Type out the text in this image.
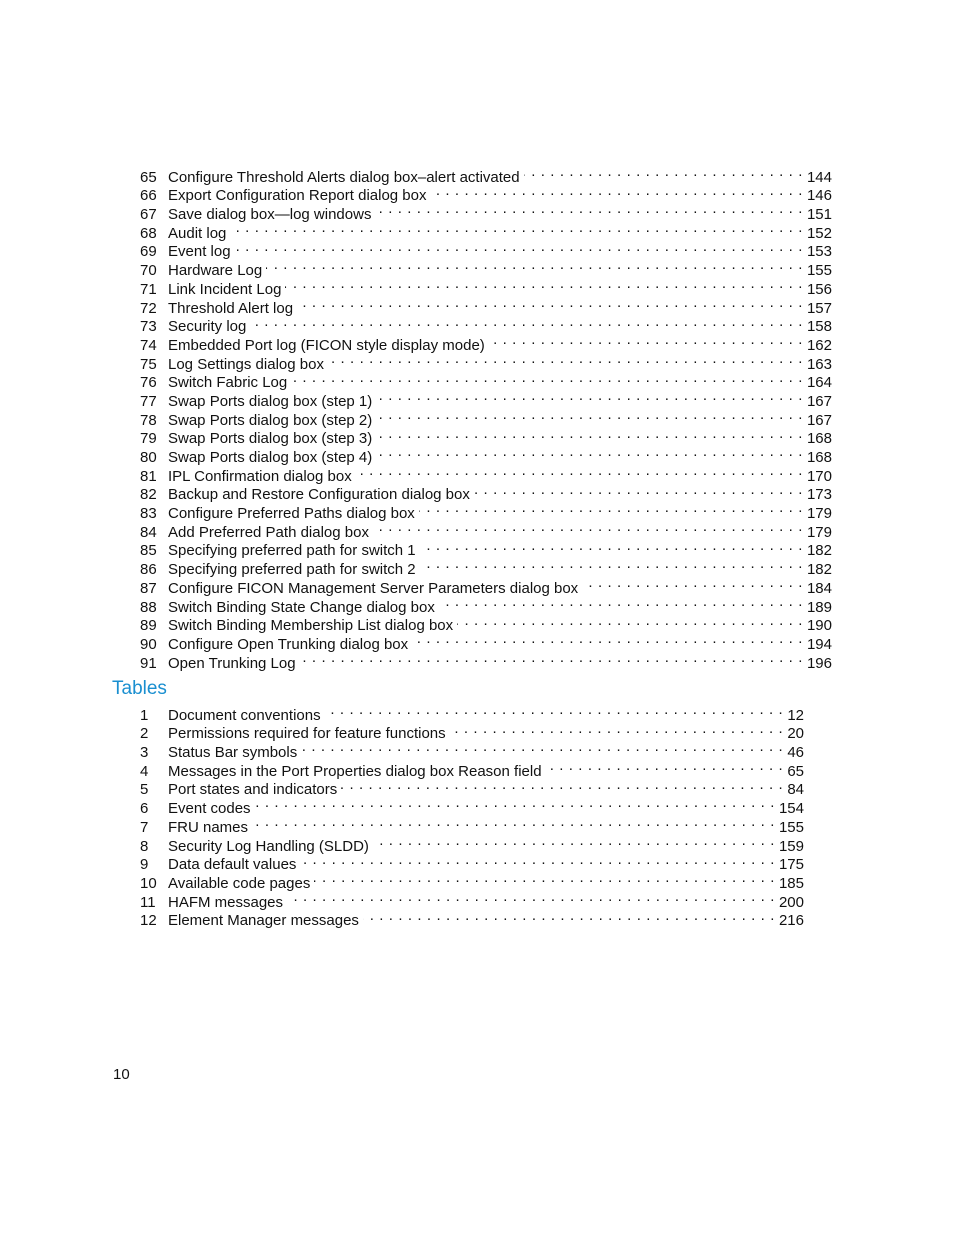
65 Configure Threshold Alerts dialog box–alert activated . . .	144
66 Export Configuration Report dialog box . . .	146
67 Save dialog box—log windows . . .	151
68 Audit log . . .	152
69 Event log . . .	153
70 Hardware Log . . .	155
71 Link Incident Log . . .	156
72 Threshold Alert log . . .	157
73 Security log . . .	158
74 Embedded Port log (FICON style display mode) . . .	162
75 Log Settings dialog box . . .	163
76 Switch Fabric Log . . .	164
77 Swap Ports dialog box (step 1) . . .	167
78 Swap Ports dialog box (step 2) . . .	167
79 Swap Ports dialog box (step 3) . . .	168
80 Swap Ports dialog box (step 4) . . .	168
81 IPL Confirmation dialog box . . .	170
82 Backup and Restore Configuration dialog box . . .	173
83 Configure Preferred Paths dialog box . . .	179
84 Add Preferred Path dialog box . . .	179
85 Specifying preferred path for switch 1 . . .	182
86 Specifying preferred path for switch 2 . . .	182
87 Configure FICON Management Server Parameters dialog box . . .	184
88 Switch Binding State Change dialog box . . .	189
89 Switch Binding Membership List dialog box . . .	190
90 Configure Open Trunking dialog box . . .	194
91 Open Trunking Log . . .	196
Tables
1	Document conventions . . .	12
2	Permissions required for feature functions . . .	20
3	Status Bar symbols . . .	46
4	Messages in the Port Properties dialog box Reason field . . .	65
5	Port states and indicators . . .	84
6	Event codes . . .	154
7	FRU names . . .	155
8	Security Log Handling (SLDD) . . .	159
9	Data default values . . .	175
10 Available code pages . . .	185
11 HAFM messages . . .	200
12 Element Manager messages . . .	216
10
